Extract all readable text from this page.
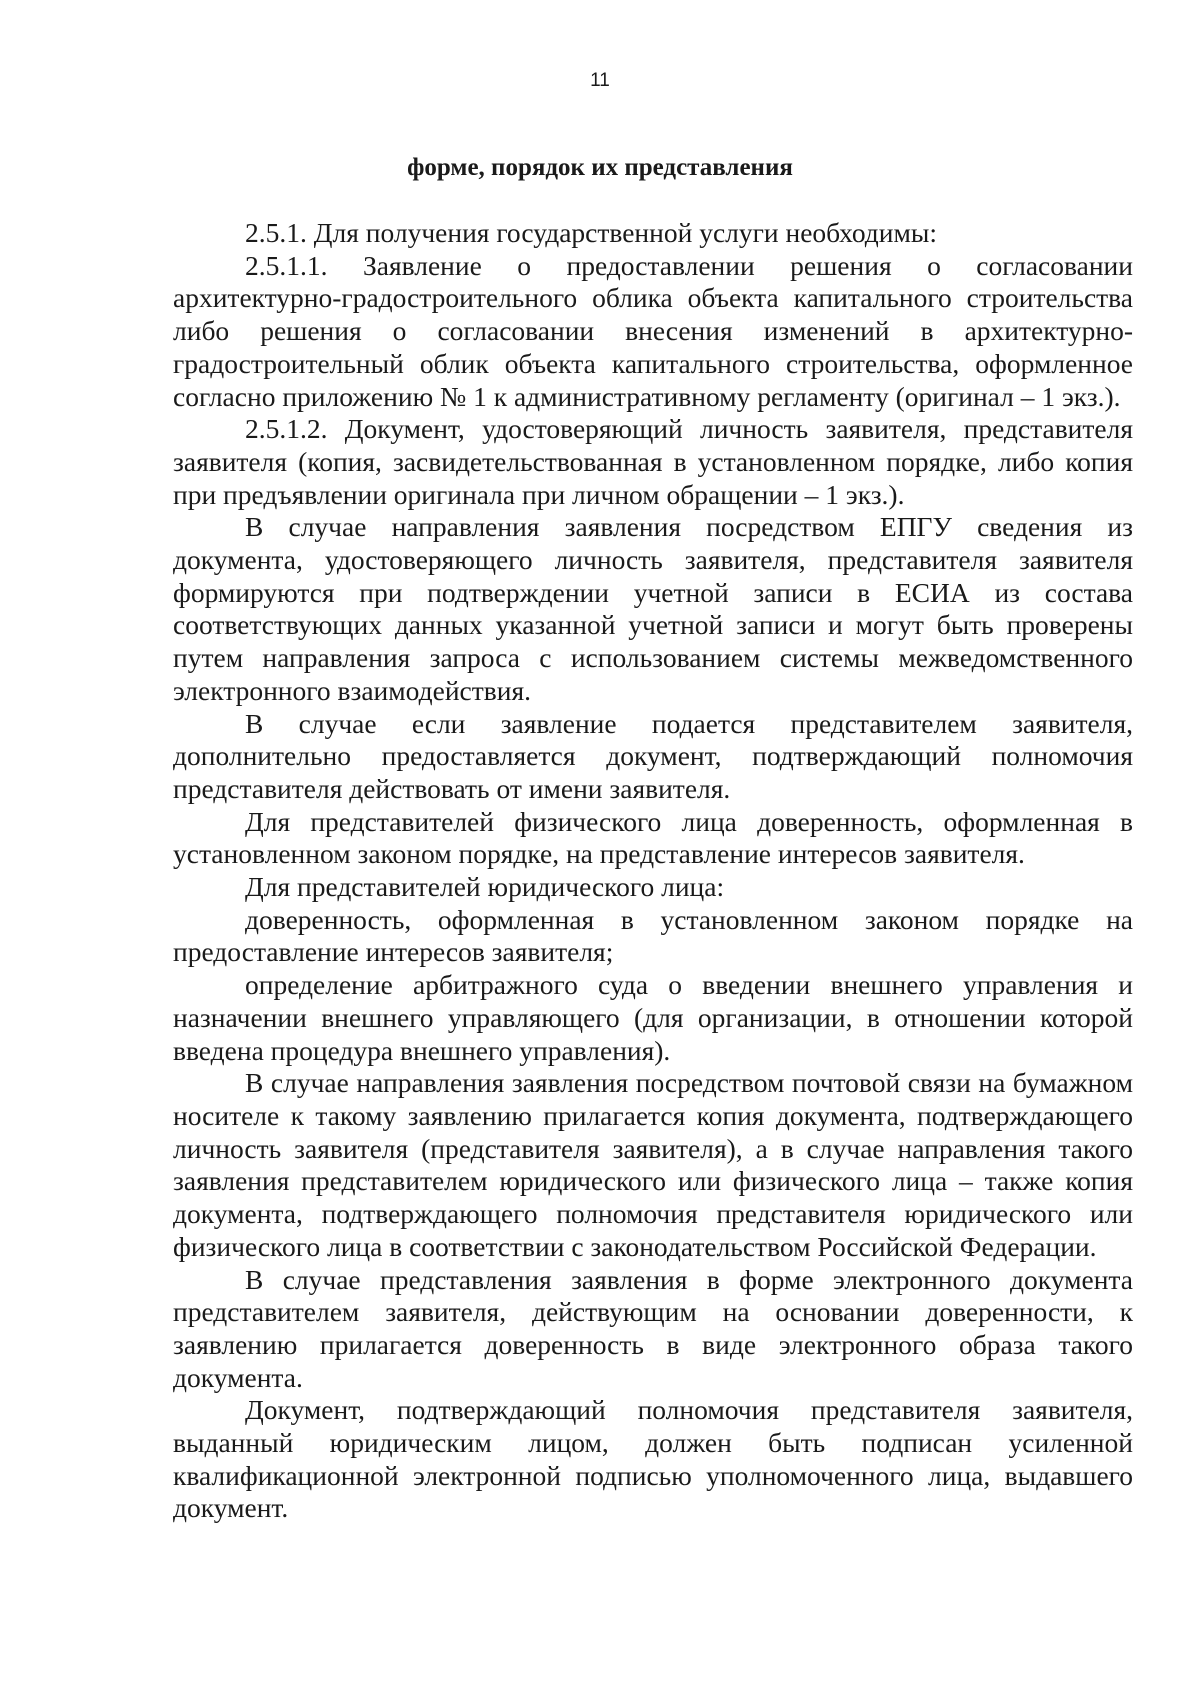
11
форме, порядок их представления

2.5.1. Для получения государственной услуги необходимы:

2.5.1.1. Заявление о предоставлении решения о согласовании архитектурно-градостроительного облика объекта капитального строительства либо решения о согласовании внесения изменений в архитектурно-градостроительный облик объекта капитального строительства, оформленное согласно приложению № 1 к административному регламенту (оригинал – 1 экз.).

2.5.1.2. Документ, удостоверяющий личность заявителя, представителя заявителя (копия, засвидетельствованная в установленном порядке, либо копия при предъявлении оригинала при личном обращении – 1 экз.).

В случае направления заявления посредством ЕПГУ сведения из документа, удостоверяющего личность заявителя, представителя заявителя формируются при подтверждении учетной записи в ЕСИА из состава соответствующих данных указанной учетной записи и могут быть проверены путем направления запроса с использованием системы межведомственного электронного взаимодействия.

В случае если заявление подается представителем заявителя, дополнительно предоставляется документ, подтверждающий полномочия представителя действовать от имени заявителя.

Для представителей физического лица доверенность, оформленная в установленном законом порядке, на представление интересов заявителя.

Для представителей юридического лица:

доверенность, оформленная в установленном законом порядке на предоставление интересов заявителя;

определение арбитражного суда о введении внешнего управления и назначении внешнего управляющего (для организации, в отношении которой введена процедура внешнего управления).

В случае направления заявления посредством почтовой связи на бумажном носителе к такому заявлению прилагается копия документа, подтверждающего личность заявителя (представителя заявителя), а в случае направления такого заявления представителем юридического или физического лица – также копия документа, подтверждающего полномочия представителя юридического или физического лица в соответствии с законодательством Российской Федерации.

В случае представления заявления в форме электронного документа представителем заявителя, действующим на основании доверенности, к заявлению прилагается доверенность в виде электронного образа такого документа.

Документ, подтверждающий полномочия представителя заявителя, выданный юридическим лицом, должен быть подписан усиленной квалификационной электронной подписью уполномоченного лица, выдавшего документ.
